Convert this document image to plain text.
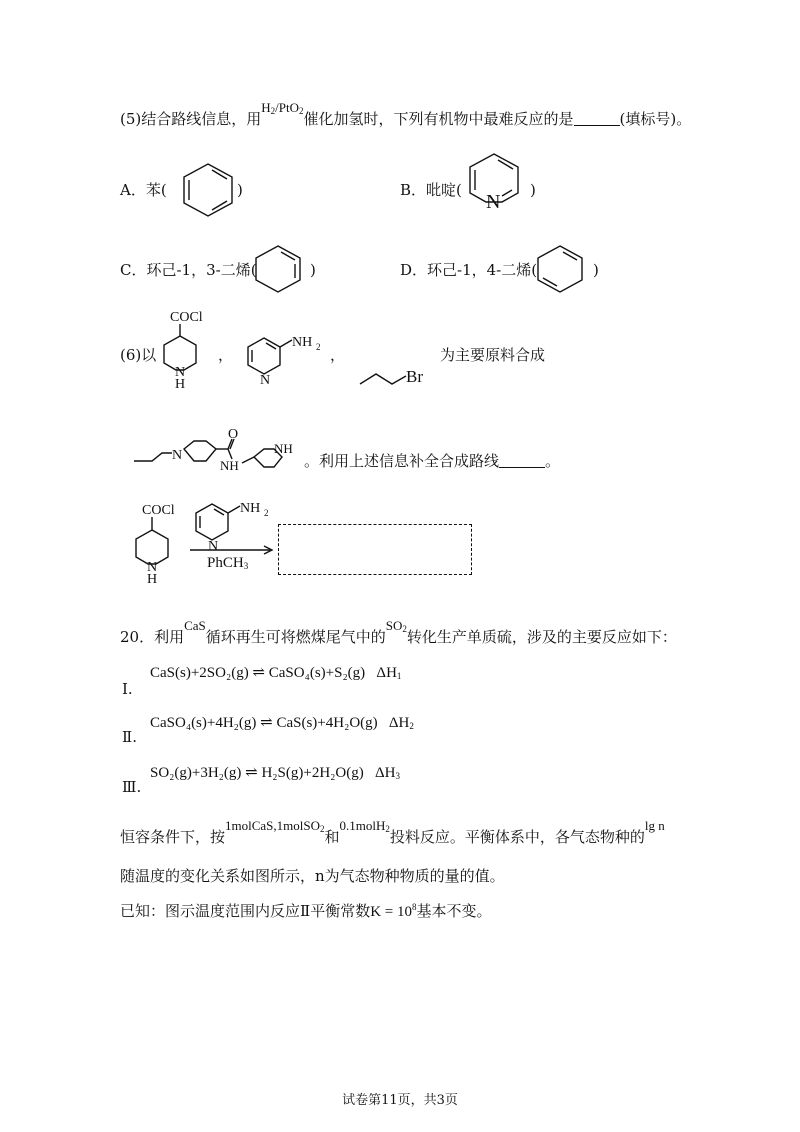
(5)结合路线信息，用$H_2/PtO_2$催化加氢时，下列有机物中最难反应的是	(填标号)。
A．苯(	)	B．吡啶(
N
)
C．环己-1，3-二烯(	)	D．环己-1，4-二烯(	)
(6)以
COCl
N
H
，
NH 2
N
，
Br
为主要原料合成
N
O
NH
NH
。利用上述信息补全合成路线	。
COCl
N
H
NH 2
N
PhCH$_3$
20．利用CaS循环再生可将燃煤尾气中的$SO_2$转化生产单质硫，涉及的主要反应如下：
CaS(s)+2SO₂(g) ⇌ CaSO₄(s)+S₂(g) $\Delta H_1$
Ⅰ.
CaSO₄(s)+4H₂(g) ⇌ CaS(s)+4H₂O(g) $\Delta H_2$
Ⅱ.
SO₂(g)+3H₂(g) ⇌ H₂S(g)+2H₂O(g) $\Delta H_3$
Ⅲ.
恒容条件下，按1molCaS,1molSO$_2$和0.1molH$_2$投料反应。平衡体系中，各气态物种的lg n
随温度的变化关系如图所示，n为气态物种物质的量的值。
已知：图示温度范围内反应Ⅱ平衡常数$K = 10^8$基本不变。
试卷第11页，共3页
